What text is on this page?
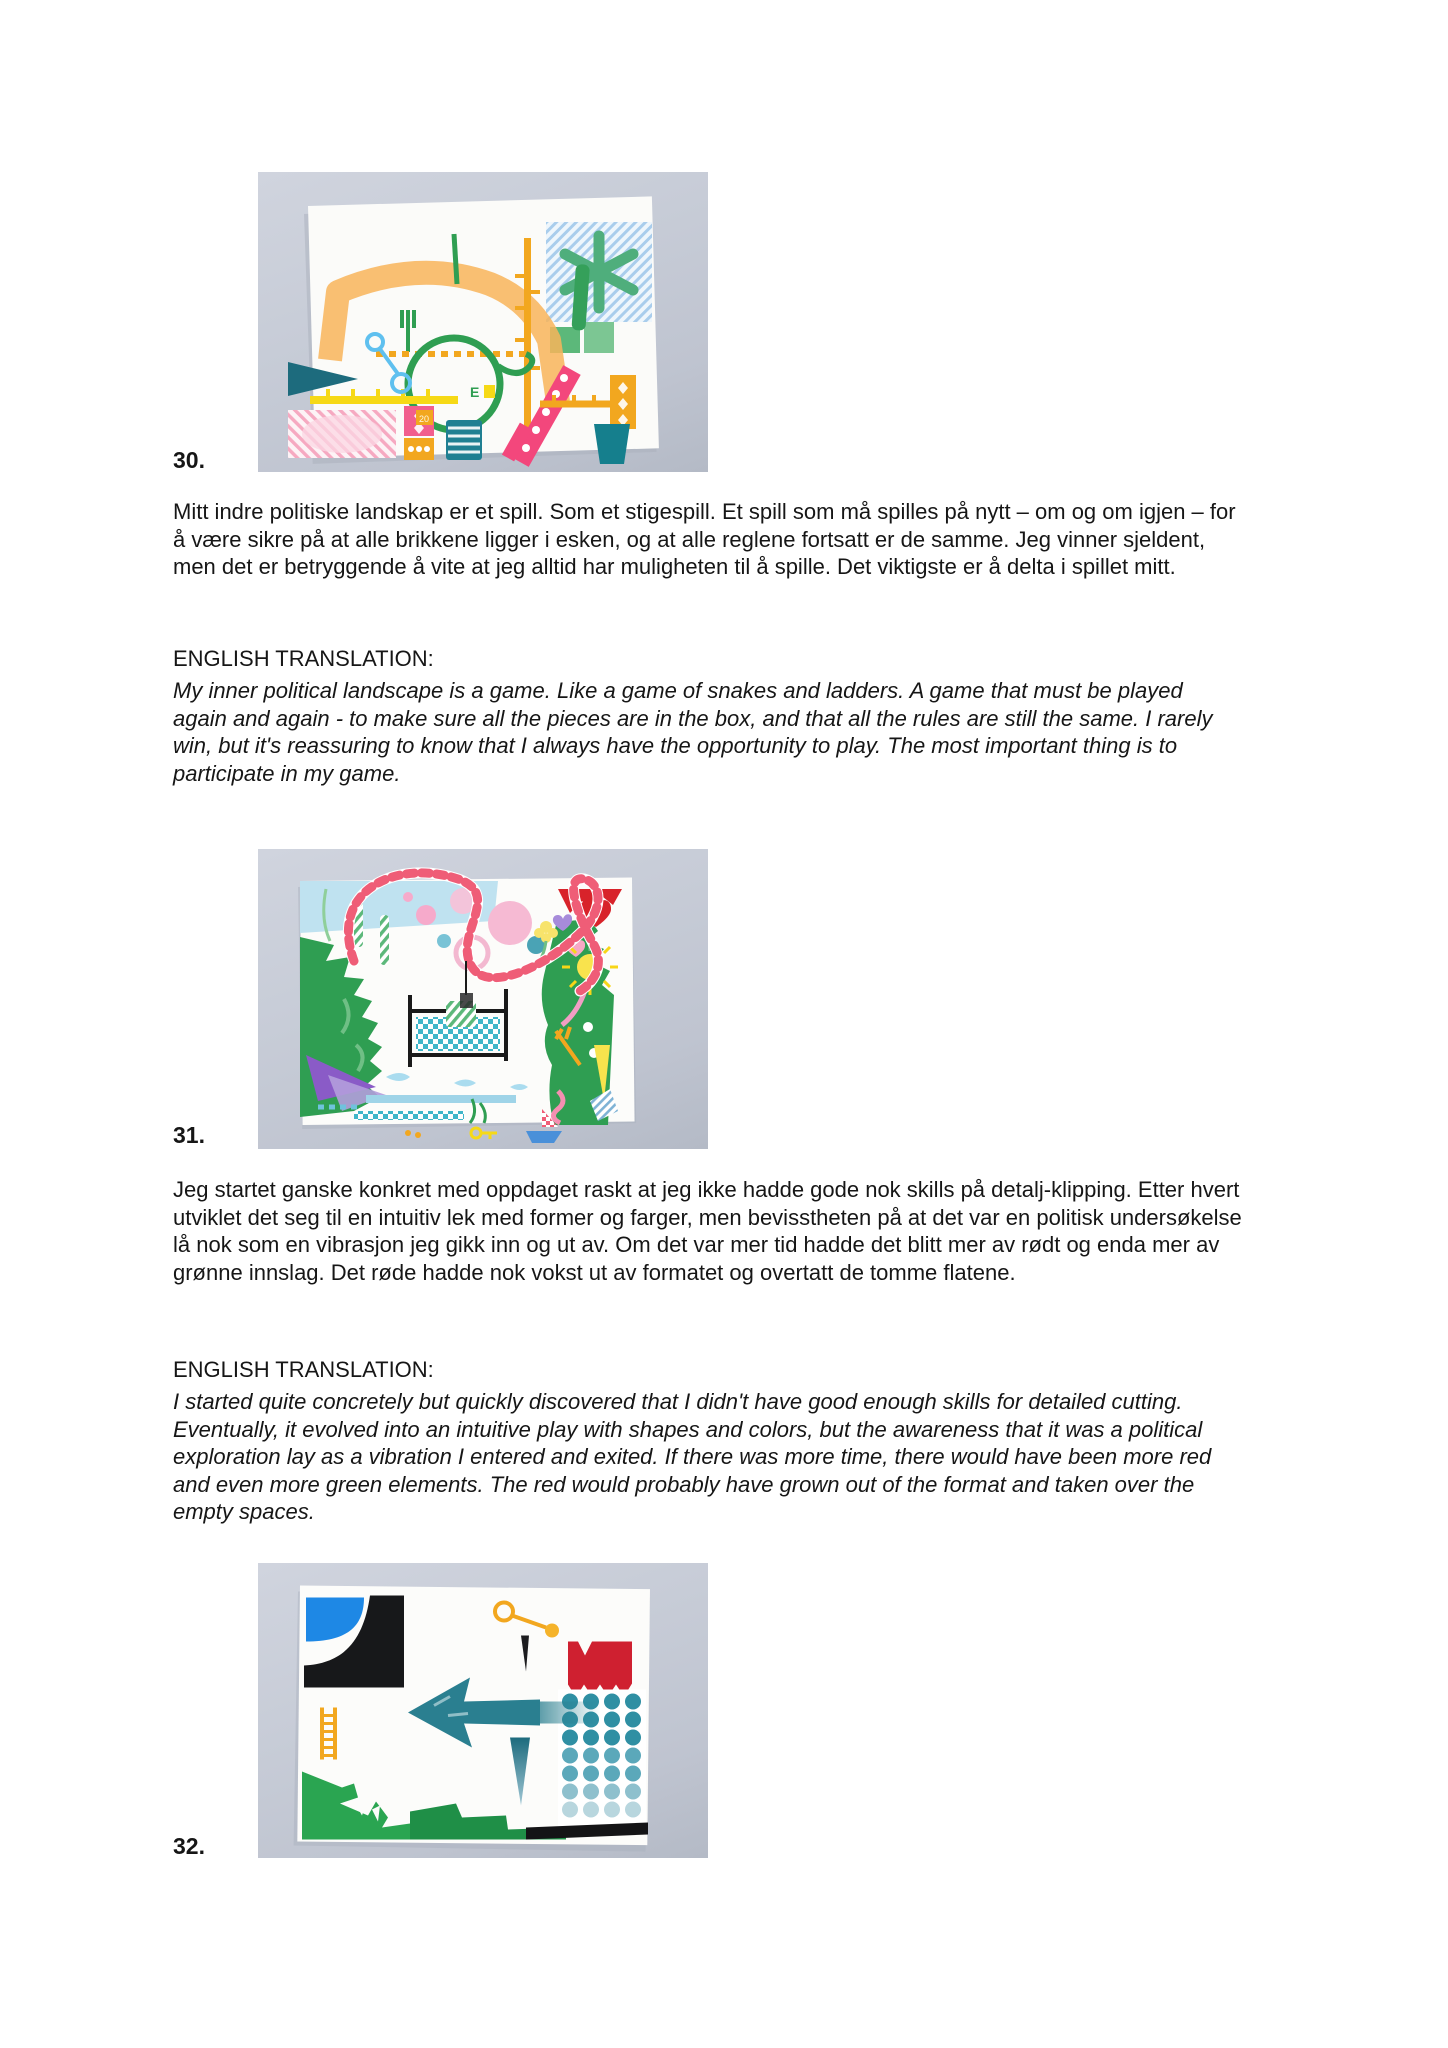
20
E
30.

Mitt indre politiske landskap er et spill. Som et stigespill. Et spill som må spilles på nytt – om og om igjen – for å være sikre på at alle brikkene ligger i esken, og at alle reglene fortsatt er de samme. Jeg vinner sjeldent, men det er betryggende å vite at jeg alltid har muligheten til å spille. Det viktigste er å delta i spillet mitt.

ENGLISH TRANSLATION:

My inner political landscape is a game. Like a game of snakes and ladders. A game that must be played again and again - to make sure all the pieces are in the box, and that all the rules are still the same. I rarely win, but it's reassuring to know that I always have the opportunity to play. The most important thing is to participate in my game.

31.

Jeg startet ganske konkret med oppdaget raskt at jeg ikke hadde gode nok skills på detalj-klipping. Etter hvert utviklet det seg til en intuitiv lek med former og farger, men bevisstheten på at det var en politisk undersøkelse lå nok som en vibrasjon jeg gikk inn og ut av. Om det var mer tid hadde det blitt mer av rødt og enda mer av grønne innslag. Det røde hadde nok vokst ut av formatet og overtatt de tomme flatene.

ENGLISH TRANSLATION:

I started quite concretely but quickly discovered that I didn't have good enough skills for detailed cutting. Eventually, it evolved into an intuitive play with shapes and colors, but the awareness that it was a political exploration lay as a vibration I entered and exited. If there was more time, there would have been more red and even more green elements. The red would probably have grown out of the format and taken over the empty spaces.

32.
